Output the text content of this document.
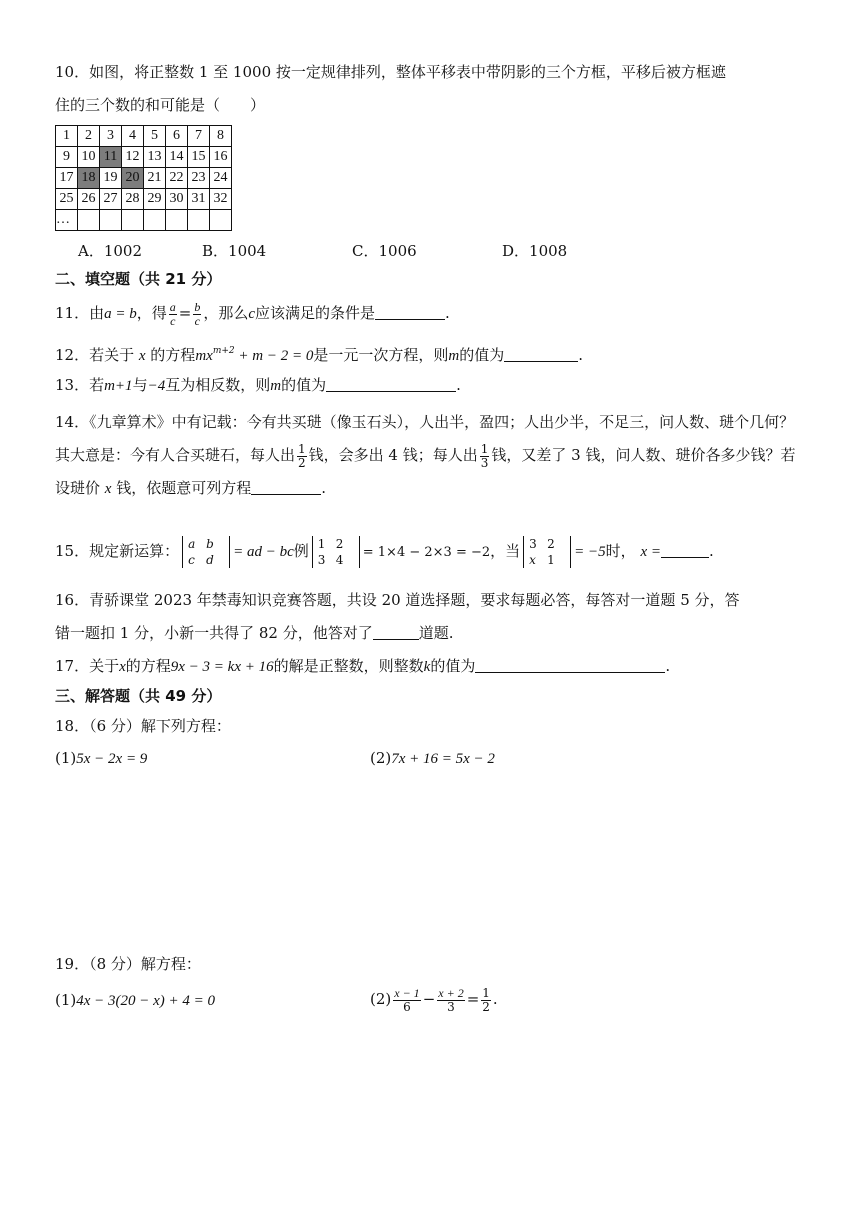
10．如图，将正整数 1 至 1000 按一定规律排列，整体平移表中带阴影的三个方框，平移后被方框遮
住的三个数的和可能是（　　）
1	2	3	4	5	6	7	8
9	10	11	12	13	14	15	16
17	18	19	20	21	22	23	24
25	26	27	28	29	30	31	32
…							
A．1002	B．1004	C．1006	D．1008
二、填空题（共 21 分）
11．由a = b，得 $\frac{a}{c} = \frac{b}{c}$ ，那么c应该满足的条件是	.
12．若关于 x 的方程$mx^{m+2} + m - 2 = 0$是一元一次方程，则m的值为	.
13．若m+1与−4互为相反数，则m的值为	.
14．《九章算术》中有记载：今有共买琎（像玉石头），人出半，盈四；人出少半，不足三，问人数、琎个几何？其大意是：今有人合买琎石，每人出 $\frac{1}{2}$ 钱，会多出 4 钱；每人出 $\frac{1}{3}$ 钱，又差了 3 钱，问人数、琎价各多少钱？若设琎价 x 钱，依题意可列方程	.
15．规定新运算： a b
c d	= ad − bc例 1 2
3 4	= 1×4 − 2×3 = −2，当 3 2
x 1	= −5时， x =	.
16．青骄课堂 2023 年禁毒知识竞赛答题，共设 20 道选择题，要求每题必答，每答对一道题 5 分，答
错一题扣 1 分，小新一共得了 82 分，他答对了	道题.
17．关于x的方程9x − 3 = kx + 16的解是正整数，则整数k的值为	.
三、解答题（共 49 分）
18．（6 分）解下列方程：
(1)5x − 2x = 9	(2)7x + 16 = 5x − 2
19．（8 分）解方程：
(1)4x − 3(20 − x) + 4 = 0	$(2) \frac{x - 1}{6} - \frac{x + 2}{3} = \frac{1}{2}$ .
